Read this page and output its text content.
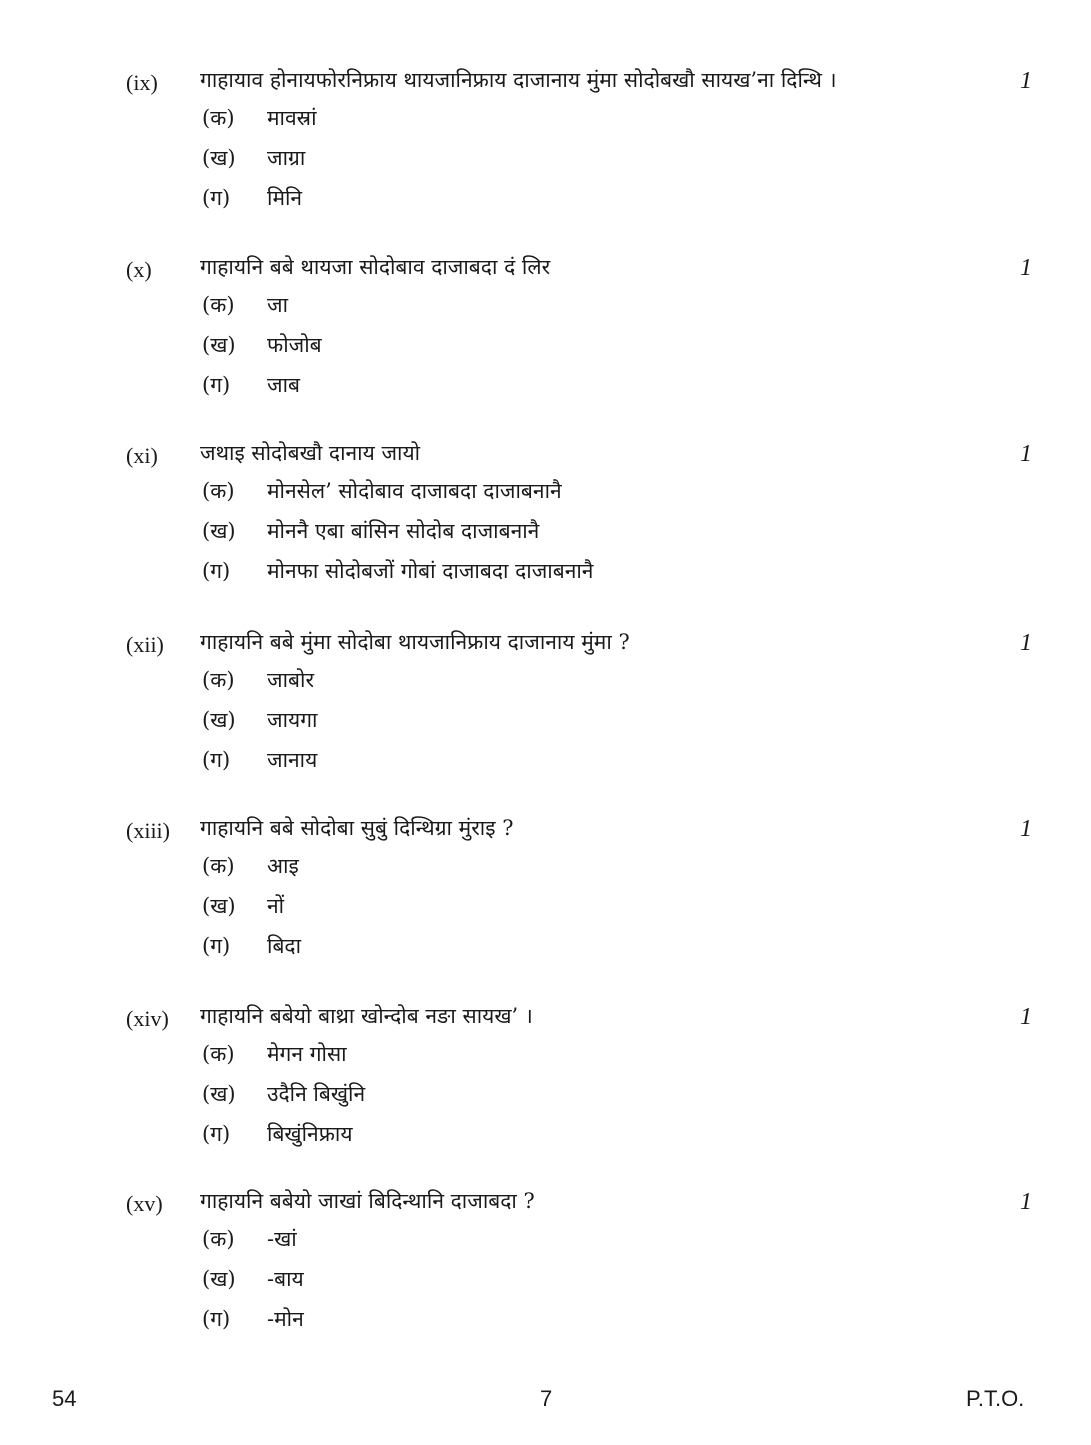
(ix) गाहायाव होनायफोरनिफ्राय थायजानिफ्राय दाजानाय मुंमा सोदोबखौ सायख’ना दिन्थि ।	1
(क) मावस्रां
(ख) जाग्रा
(ग) मिनि
(x) गाहायनि बबे थायजा सोदोबाव दाजाबदा दं लिर	1
(क) जा
(ख) फोजोब
(ग) जाब
(xi) जथाइ सोदोबखौ दानाय जायो	1
(क) मोनसेल’ सोदोबाव दाजाबदा दाजाबनानै
(ख) मोननै एबा बांसिन सोदोब दाजाबनानै
(ग) मोनफा सोदोबजों गोबां दाजाबदा दाजाबनानै
(xii) गाहायनि बबे मुंमा सोदोबा थायजानिफ्राय दाजानाय मुंमा ?	1
(क) जाबोर
(ख) जायगा
(ग) जानाय
(xiii) गाहायनि बबे सोदोबा सुबुं दिन्थिग्रा मुंराइ ?	1
(क) आइ
(ख) नों
(ग) बिदा
(xiv) गाहायनि बबेयो बाथ्रा खोन्दोब नङा सायख’ ।	1
(क) मेगन गोसा
(ख) उदैनि बिखुंनि
(ग) बिखुंनिफ्राय
(xv) गाहायनि बबेयो जाखां बिदिन्थानि दाजाबदा ?	1
(क) -खां
(ख) -बाय
(ग) -मोन
54	7	P.T.O.
